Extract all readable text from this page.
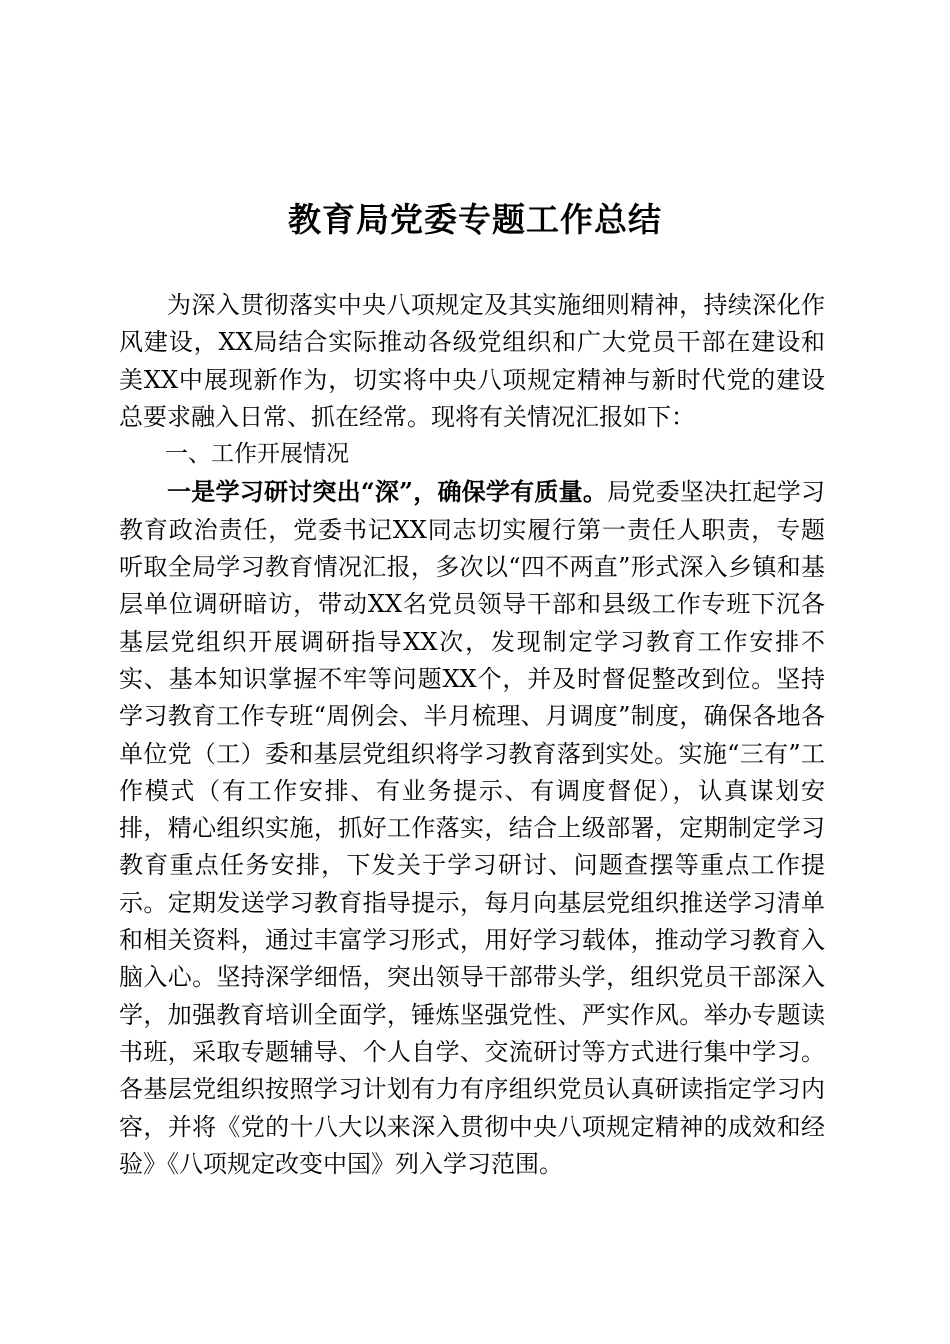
教育局党委专题工作总结

为深入贯彻落实中央八项规定及其实施细则精神，持续深化作风建设，XX局结合实际推动各级党组织和广大党员干部在建设和美XX中展现新作为，切实将中央八项规定精神与新时代党的建设总要求融入日常、抓在经常。现将有关情况汇报如下：

一、工作开展情况

一是学习研讨突出“深”，确保学有质量。局党委坚决扛起学习教育政治责任，党委书记XX同志切实履行第一责任人职责，专题听取全局学习教育情况汇报，多次以“四不两直”形式深入乡镇和基层单位调研暗访，带动XX名党员领导干部和县级工作专班下沉各基层党组织开展调研指导XX次，发现制定学习教育工作安排不实、基本知识掌握不牢等问题XX个，并及时督促整改到位。坚持学习教育工作专班“周例会、半月梳理、月调度”制度，确保各地各单位党（工）委和基层党组织将学习教育落到实处。实施“三有”工作模式（有工作安排、有业务提示、有调度督促），认真谋划安排，精心组织实施，抓好工作落实，结合上级部署，定期制定学习教育重点任务安排，下发关于学习研讨、问题查摆等重点工作提示。定期发送学习教育指导提示，每月向基层党组织推送学习清单和相关资料，通过丰富学习形式，用好学习载体，推动学习教育入脑入心。坚持深学细悟，突出领导干部带头学，组织党员干部深入学，加强教育培训全面学，锤炼坚强党性、严实作风。举办专题读书班，采取专题辅导、个人自学、交流研讨等方式进行集中学习。各基层党组织按照学习计划有力有序组织党员认真研读指定学习内容，并将《党的十八大以来深入贯彻中央八项规定精神的成效和经验》《八项规定改变中国》列入学习范围。
